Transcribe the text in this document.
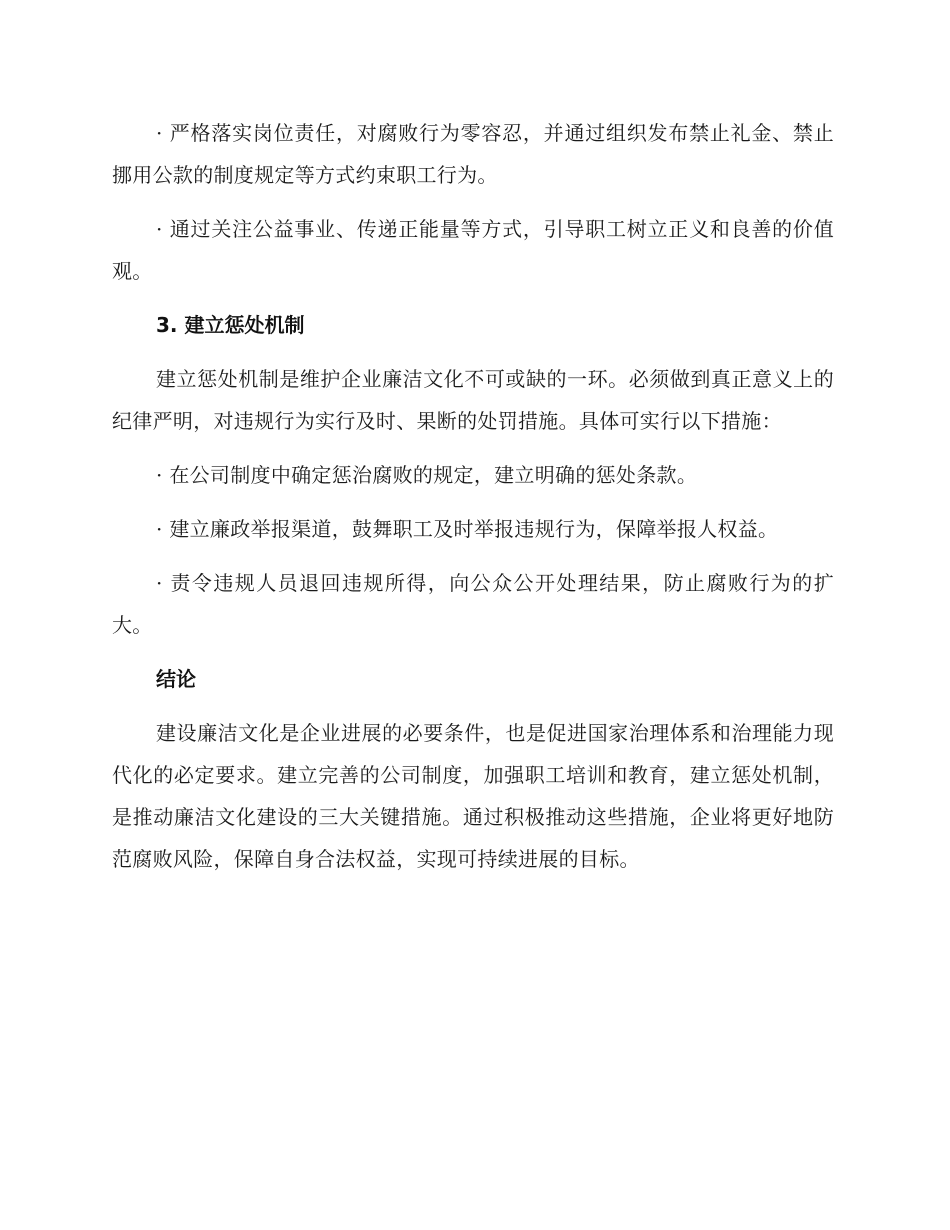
· 严格落实岗位责任，对腐败行为零容忍，并通过组织发布禁止礼金、禁止挪用公款的制度规定等方式约束职工行为。

· 通过关注公益事业、传递正能量等方式，引导职工树立正义和良善的价值观。

3. 建立惩处机制

建立惩处机制是维护企业廉洁文化不可或缺的一环。必须做到真正意义上的纪律严明，对违规行为实行及时、果断的处罚措施。具体可实行以下措施：

· 在公司制度中确定惩治腐败的规定，建立明确的惩处条款。

· 建立廉政举报渠道，鼓舞职工及时举报违规行为，保障举报人权益。

· 责令违规人员退回违规所得，向公众公开处理结果，防止腐败行为的扩大。

结论

建设廉洁文化是企业进展的必要条件，也是促进国家治理体系和治理能力现代化的必定要求。建立完善的公司制度，加强职工培训和教育，建立惩处机制，是推动廉洁文化建设的三大关键措施。通过积极推动这些措施，企业将更好地防范腐败风险，保障自身合法权益，实现可持续进展的目标。
